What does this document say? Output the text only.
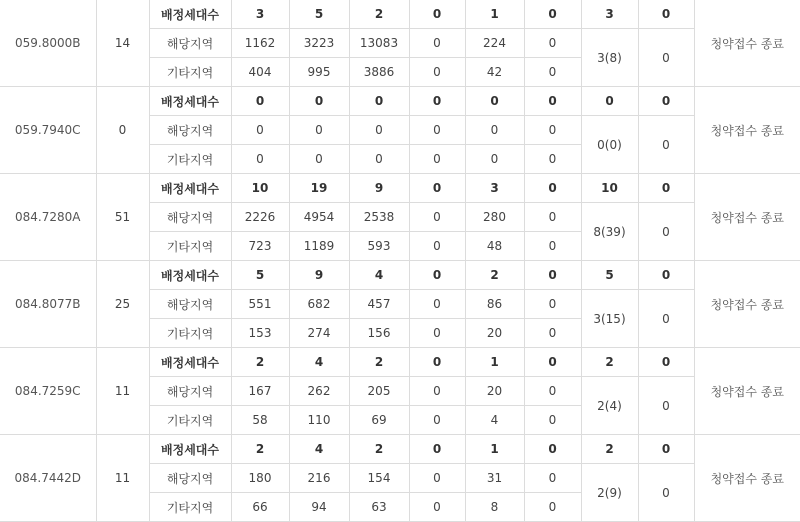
059.8000B	14	배정세대수	3	5	2	0	1	0	3	0	청약접수 종료
		해당지역	1162	3223	13083	0	224	0	3(8)	0	
		기타지역	404	995	3886	0	42	0			
059.7940C	0	배정세대수	0	0	0	0	0	0	0	0	청약접수 종료
		해당지역	0	0	0	0	0	0	0(0)	0	
		기타지역	0	0	0	0	0	0			
084.7280A	51	배정세대수	10	19	9	0	3	0	10	0	청약접수 종료
		해당지역	2226	4954	2538	0	280	0	8(39)	0	
		기타지역	723	1189	593	0	48	0			
084.8077B	25	배정세대수	5	9	4	0	2	0	5	0	청약접수 종료
		해당지역	551	682	457	0	86	0	3(15)	0	
		기타지역	153	274	156	0	20	0			
084.7259C	11	배정세대수	2	4	2	0	1	0	2	0	청약접수 종료
		해당지역	167	262	205	0	20	0	2(4)	0	
		기타지역	58	110	69	0	4	0			
084.7442D	11	배정세대수	2	4	2	0	1	0	2	0	청약접수 종료
		해당지역	180	216	154	0	31	0	2(9)	0	
		기타지역	66	94	63	0	8	0			
